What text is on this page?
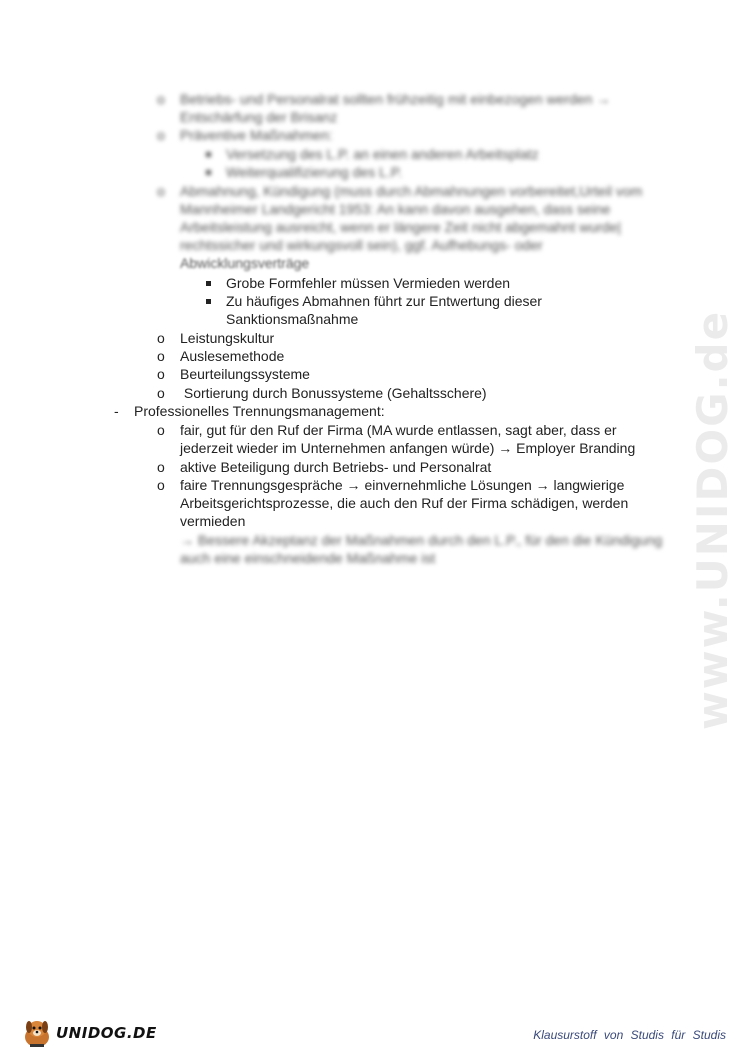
o Betriebs- und Personalrat sollten frühzeitig mit einbezogen werden →
Entschärfung der Brisanz
o Präventive Maßnahmen:
Versetzung des L.P. an einen anderen Arbeitsplatz
Weiterqualifizierung des L.P.
o Abmahnung, Kündigung (muss durch Abmahnungen vorbereitet,Urteil vom
Mannheimer Landgericht 1953: An kann davon ausgehen, dass seine
Arbeitsleistung ausreicht, wenn er längere Zeit nicht abgemahnt wurde|
rechtssicher und wirkungsvoll sein), ggf. Aufhebungs- oder
Abwicklungsverträge
Grobe Formfehler müssen Vermieden werden
Zu häufiges Abmahnen führt zur Entwertung dieser
Sanktionsmaßnahme
o Leistungskultur
o Auslesemethode
o Beurteilungssysteme
o Sortierung durch Bonussysteme (Gehaltsschere)
- Professionelles Trennungsmanagement:
o fair, gut für den Ruf der Firma (MA wurde entlassen, sagt aber, dass er
jederzeit wieder im Unternehmen anfangen würde) → Employer Branding
o aktive Beteiligung durch Betriebs- und Personalrat
o faire Trennungsgespräche → einvernehmliche Lösungen → langwierige
Arbeitsgerichtsprozesse, die auch den Ruf der Firma schädigen, werden
vermieden
→ Bessere Akzeptanz der Maßnahmen durch den L.P., für den die Kündigung
auch eine einschneidende Maßnahme ist	www.UNIDOG.de
UNIDOG.DE	Klausurstoff von Studis für Studis
